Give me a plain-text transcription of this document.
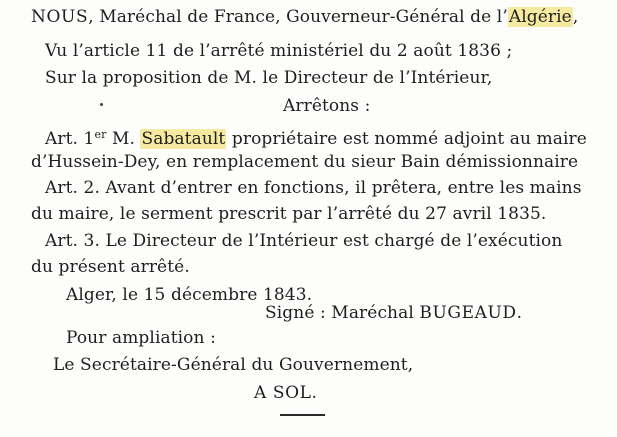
NOUS, Maréchal de France, Gouverneur-Général de l’Algérie,
Vu l’article 11 de l’arrêté ministériel du 2 août 1836 ;
Sur la proposition de M. le Directeur de l’Intérieur,
Arrêtons :
Art. 1er M. Sabatault propriétaire est nommé adjoint au maire
d’Hussein-Dey, en remplacement du sieur Bain démissionnaire
Art. 2. Avant d’entrer en fonctions, il prêtera, entre les mains
du maire, le serment prescrit par l’arrêté du 27 avril 1835.
Art. 3. Le Directeur de l’Intérieur est chargé de l’exécution
du présent arrêté.
Alger, le 15 décembre 1843.
Signé : Maréchal BUGEAUD.
Pour ampliation :
Le Secrétaire-Général du Gouvernement,
A SOL.
